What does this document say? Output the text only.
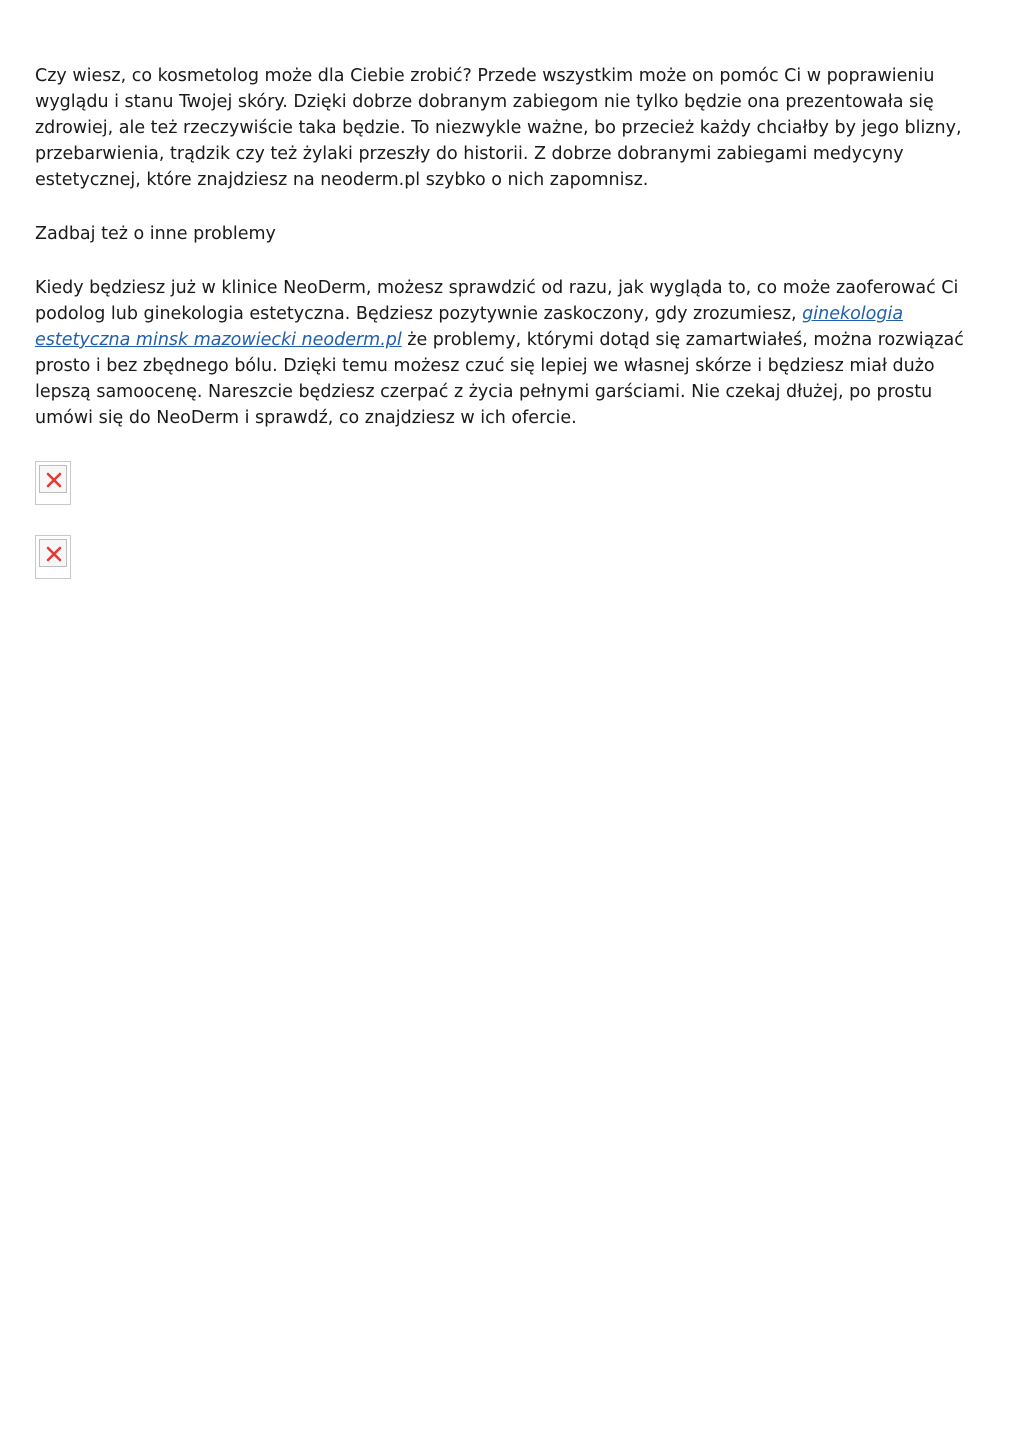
Czy wiesz, co kosmetolog może dla Ciebie zrobić? Przede wszystkim może on pomóc Ci w poprawieniu wyglądu i stanu Twojej skóry. Dzięki dobrze dobranym zabiegom nie tylko będzie ona prezentowała się zdrowiej, ale też rzeczywiście taka będzie. To niezwykle ważne, bo przecież każdy chciałby by jego blizny, przebarwienia, trądzik czy też żylaki przeszły do historii. Z dobrze dobranymi zabiegami medycyny estetycznej, które znajdziesz na neoderm.pl szybko o nich zapomnisz.

Zadbaj też o inne problemy

Kiedy będziesz już w klinice NeoDerm, możesz sprawdzić od razu, jak wygląda to, co może zaoferować Ci podolog lub ginekologia estetyczna. Będziesz pozytywnie zaskoczony, gdy zrozumiesz, ginekologia estetyczna minsk mazowiecki neoderm.pl że problemy, którymi dotąd się zamartwiałeś, można rozwiązać prosto i bez zbędnego bólu. Dzięki temu możesz czuć się lepiej we własnej skórze i będziesz miał dużo lepszą samoocenę. Nareszcie będziesz czerpać z życia pełnymi garściami. Nie czekaj dłużej, po prostu umówi się do NeoDerm i sprawdź, co znajdziesz w ich ofercie.
